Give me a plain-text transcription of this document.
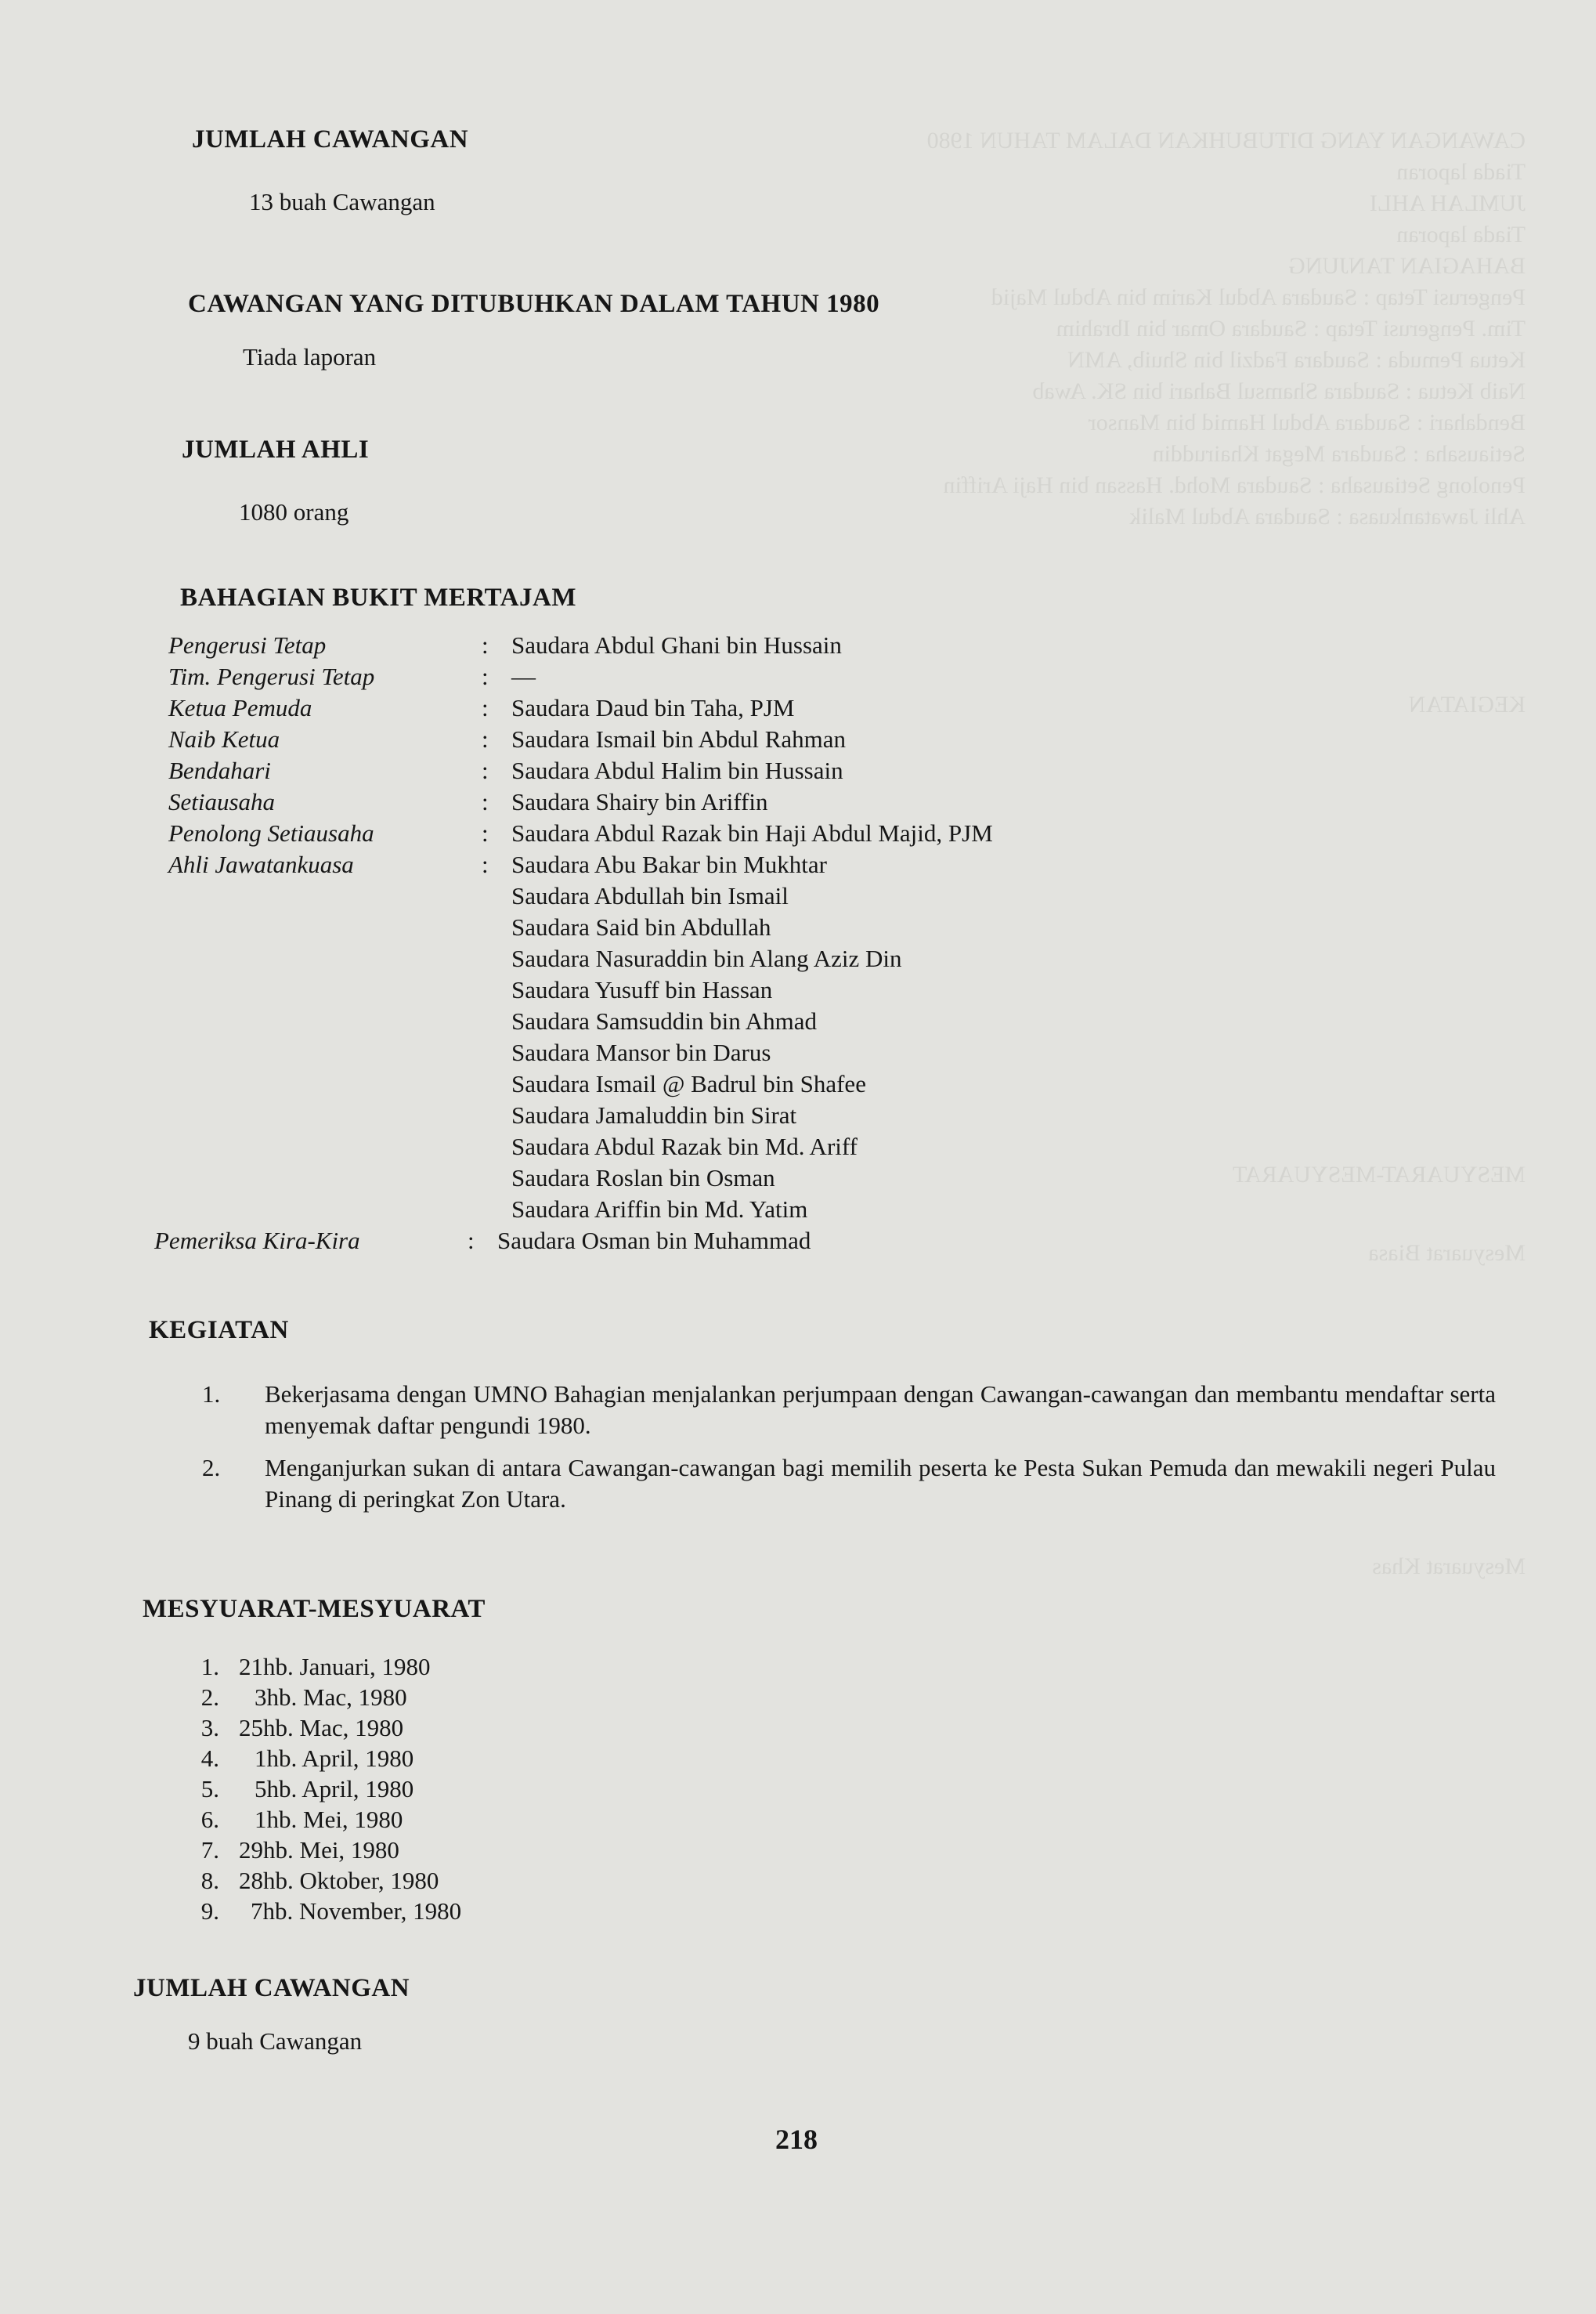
CAWANGAN YANG DITUBUHKAN DALAM TAHUN 1980
Tiada laporan
JUMLAH AHLI
Tiada laporan
BAHAGIAN TANJUNG
Pengerusi Tetap : Saudara Abdul Karim bin Abdul Majid
Tim. Pengerusi Tetap : Saudara Omar bin Ibrahim
Ketua Pemuda : Saudara Fadzil bin Shuib, AMN
Naib Ketua : Saudara Shamsul Bahari bin SK. Awab
Bendahari : Saudara Abdul Hamid bin Mansor
Setiausaha : Saudara Megat Khairuddin
Penolong Setiausaha : Saudara Mohd. Hassan bin Haji Ariffin
Ahli Jawatankuasa : Saudara Abdul Malik
KEGIATAN
MESYUARAT-MESYUARAT
Mesyuarat Biasa
Mesyuarat Khas
JUMLAH CAWANGAN
13 buah Cawangan
CAWANGAN YANG DITUBUHKAN DALAM TAHUN 1980
Tiada laporan
JUMLAH AHLI
1080 orang
BAHAGIAN BUKIT MERTAJAM
Pengerusi Tetap	: Saudara Abdul Ghani bin Hussain
Tim. Pengerusi Tetap	: —
Ketua Pemuda	: Saudara Daud bin Taha, PJM
Naib Ketua	: Saudara Ismail bin Abdul Rahman
Bendahari	: Saudara Abdul Halim bin Hussain
Setiausaha	: Saudara Shairy bin Ariffin
Penolong Setiausaha	: Saudara Abdul Razak bin Haji Abdul Majid, PJM
Ahli Jawatankuasa	: Saudara Abu Bakar bin Mukhtar
Saudara Abdullah bin Ismail
Saudara Said bin Abdullah
Saudara Nasuraddin bin Alang Aziz Din
Saudara Yusuff bin Hassan
Saudara Samsuddin bin Ahmad
Saudara Mansor bin Darus
Saudara Ismail @ Badrul bin Shafee
Saudara Jamaluddin bin Sirat
Saudara Abdul Razak bin Md. Ariff
Saudara Roslan bin Osman
Saudara Ariffin bin Md. Yatim
Pemeriksa Kira-Kira	: Saudara Osman bin Muhammad
KEGIATAN
1. Bekerjasama dengan UMNO Bahagian menjalankan perjumpaan dengan Cawangan-cawangan dan membantu mendaftar serta menyemak daftar pengundi 1980.
2. Menganjurkan sukan di antara Cawangan-cawangan bagi memilih peserta ke Pesta Sukan Pemuda dan mewakili negeri Pulau Pinang di peringkat Zon Utara.
MESYUARAT-MESYUARAT
1. 21hb. Januari, 1980
2. 3hb. Mac, 1980
3. 25hb. Mac, 1980
4. 1hb. April, 1980
5. 5hb. April, 1980
6. 1hb. Mei, 1980
7. 29hb. Mei, 1980
8. 28hb. Oktober, 1980
9. 7hb. November, 1980
JUMLAH CAWANGAN
9 buah Cawangan
218
